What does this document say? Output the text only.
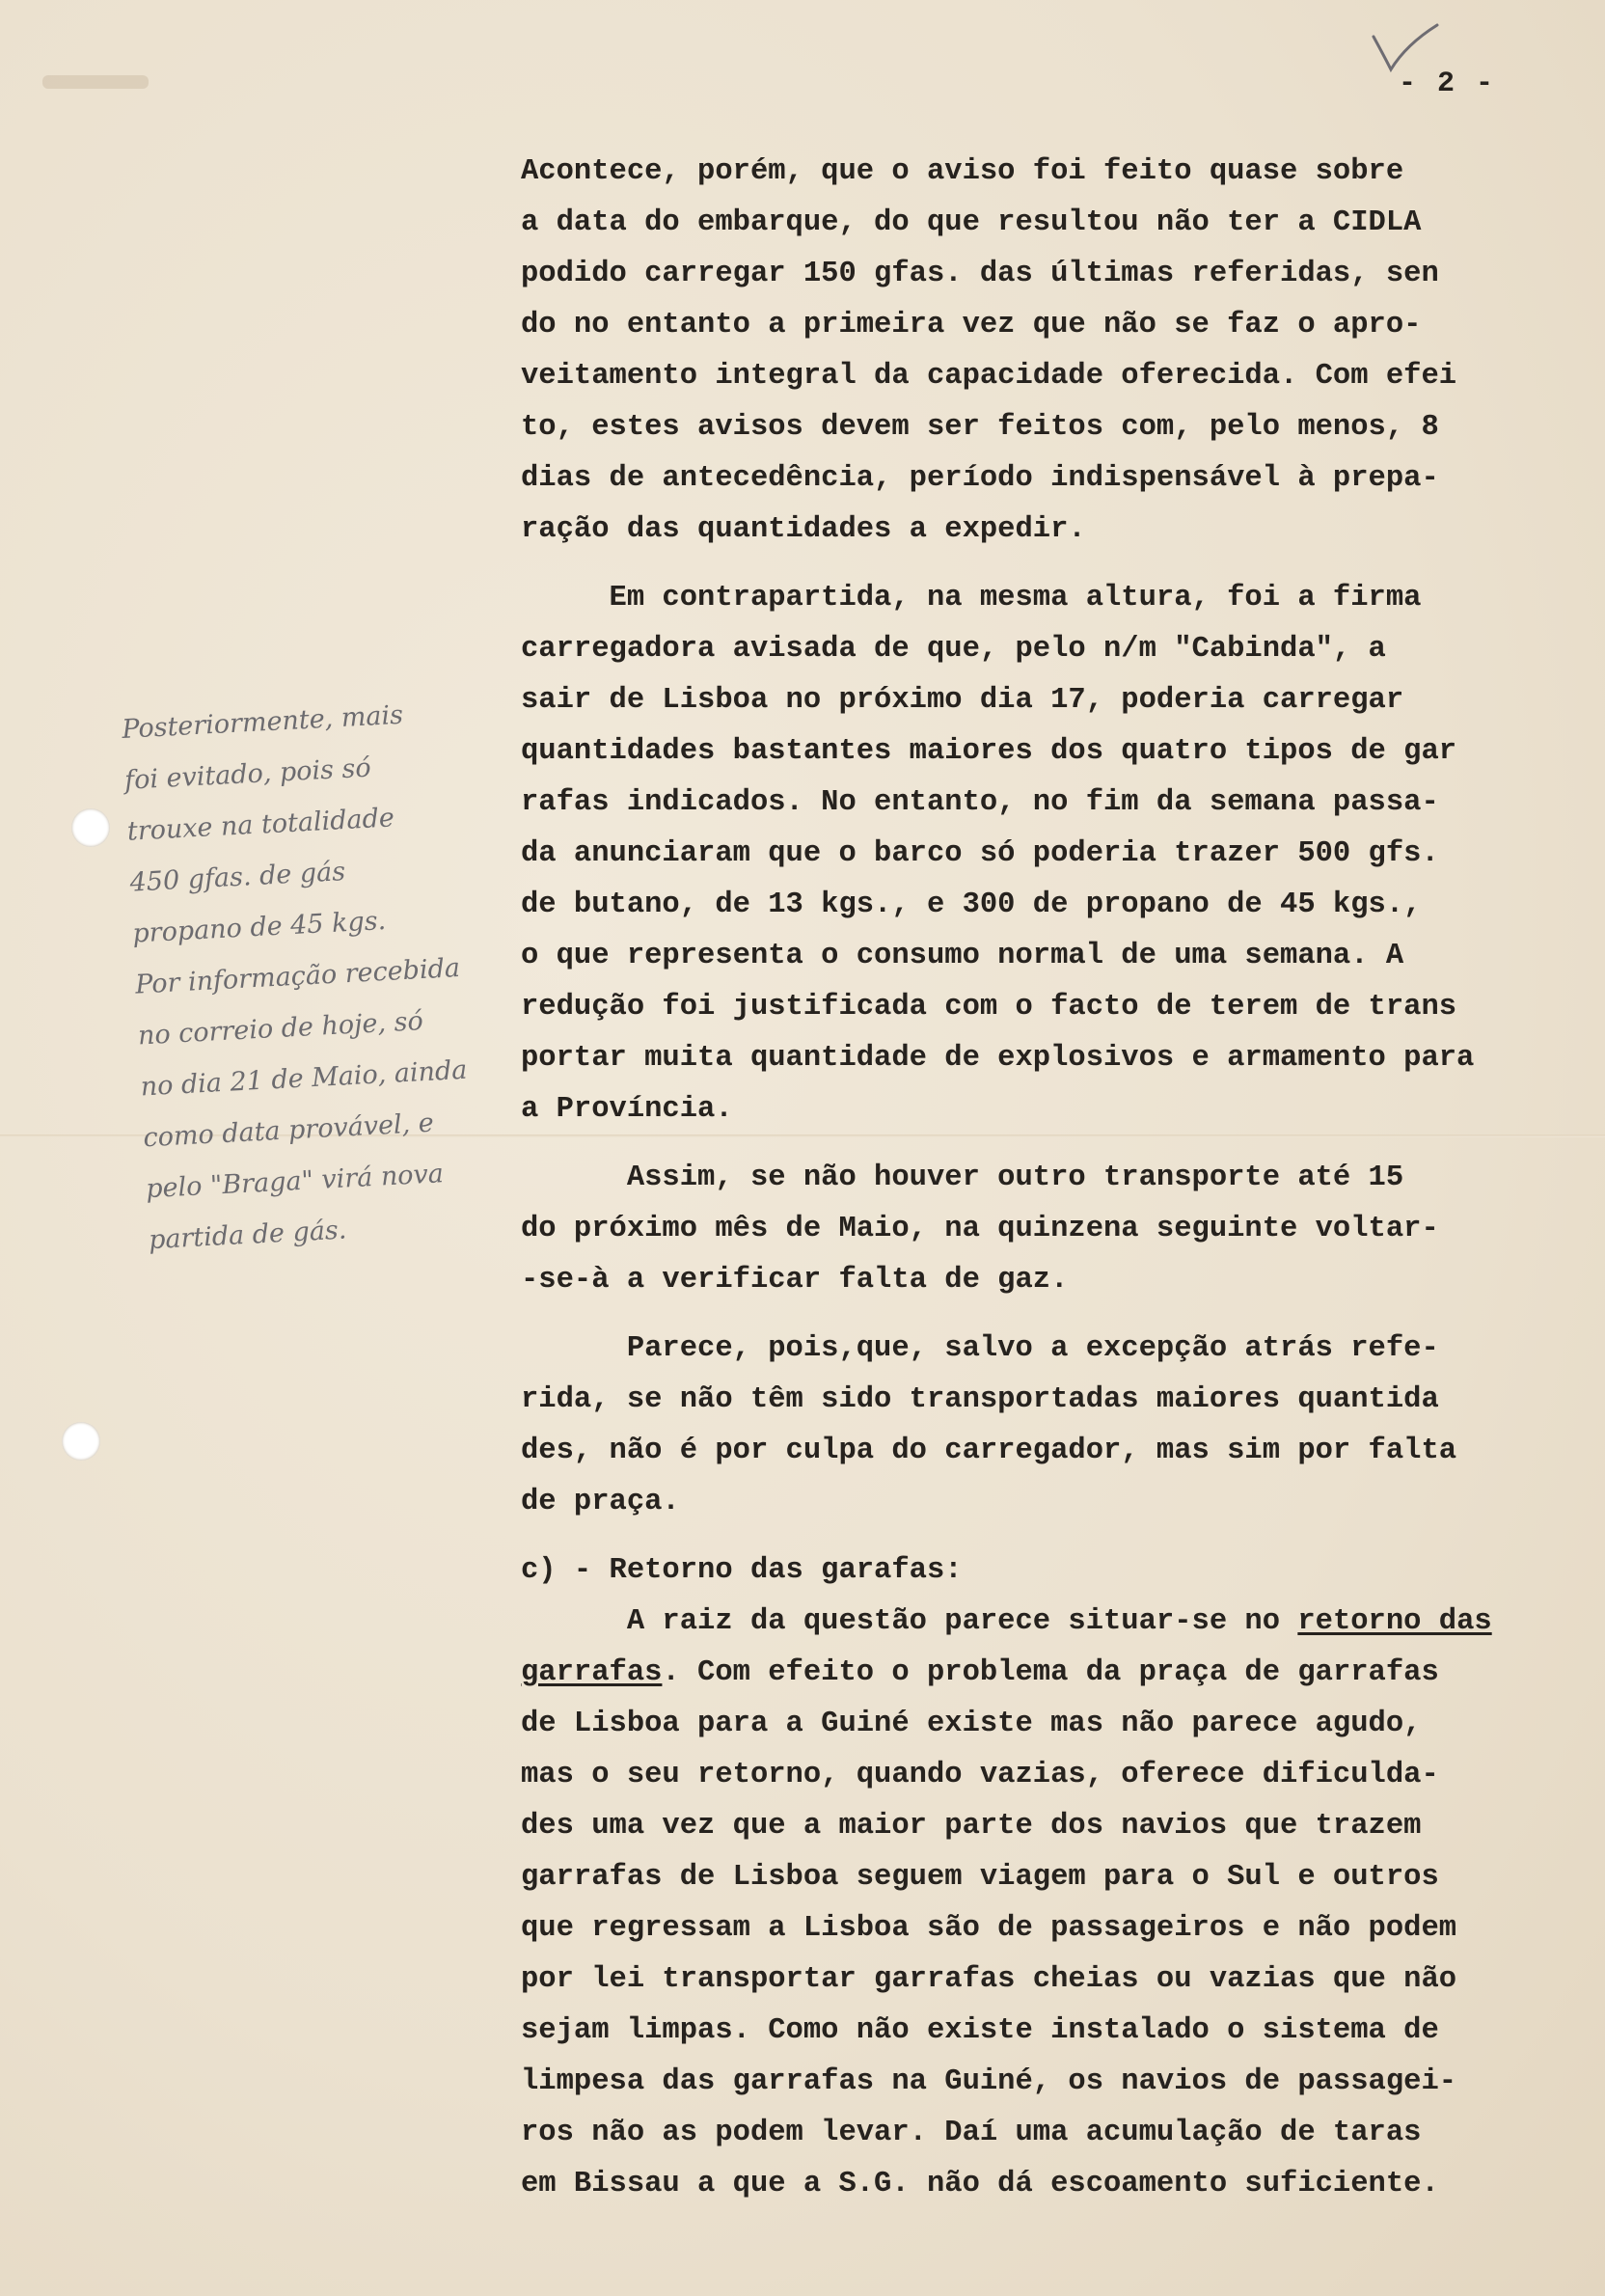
- 2 -
Posteriormente, mais
foi evitado, pois só
trouxe na totalidade
450 gfas. de gás
propano de 45 kgs.
Por informação recebida
no correio de hoje, só
no dia 21 de Maio, ainda
como data provável, e
pelo "Braga" virá nova
partida de gás.
Acontece, porém, que o aviso foi feito quase sobre
a data do embarque, do que resultou não ter a CIDLA
podido carregar 150 gfas. das últimas referidas, sen
do no entanto a primeira vez que não se faz o apro-
veitamento integral da capacidade oferecida. Com efei
to, estes avisos devem ser feitos com, pelo menos, 8
dias de antecedência, período indispensável à prepa-
ração das quantidades a expedir.
Em contrapartida, na mesma altura, foi a firma
carregadora avisada de que, pelo n/m "Cabinda", a
sair de Lisboa no próximo dia 17, poderia carregar
quantidades bastantes maiores dos quatro tipos de gar
rafas indicados. No entanto, no fim da semana passa-
da anunciaram que o barco só poderia trazer 500 gfs.
de butano, de 13 kgs., e 300 de propano de 45 kgs.,
o que representa o consumo normal de uma semana. A
redução foi justificada com o facto de terem de trans
portar muita quantidade de explosivos e armamento para
a Província.
Assim, se não houver outro transporte até 15
do próximo mês de Maio, na quinzena seguinte voltar-
-se-à a verificar falta de gaz.
Parece, pois,que, salvo a excepção atrás refe-
rida, se não têm sido transportadas maiores quantida
des, não é por culpa do carregador, mas sim por falta
de praça.
c) - Retorno das garafas:
A raiz da questão parece situar-se no retorno das
garrafas. Com efeito o problema da praça de garrafas
de Lisboa para a Guiné existe mas não parece agudo,
mas o seu retorno, quando vazias, oferece dificulda-
des uma vez que a maior parte dos navios que trazem
garrafas de Lisboa seguem viagem para o Sul e outros
que regressam a Lisboa são de passageiros e não podem
por lei transportar garrafas cheias ou vazias que não
sejam limpas. Como não existe instalado o sistema de
limpesa das garrafas na Guiné, os navios de passagei-
ros não as podem levar. Daí uma acumulação de taras
em Bissau a que a S.G. não dá escoamento suficiente.
